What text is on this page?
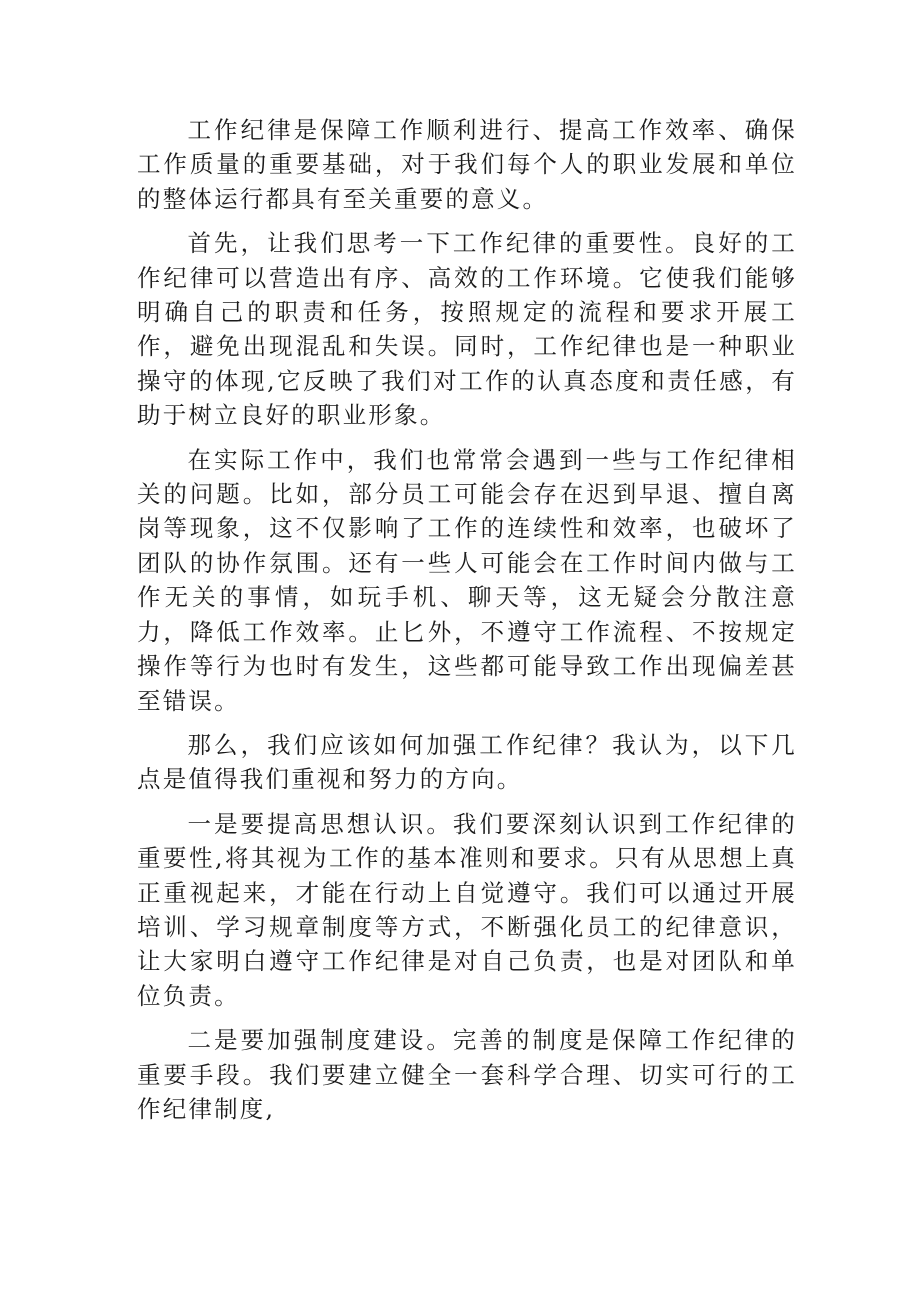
工作纪律是保障工作顺利进行、提高工作效率、确保工作质量的重要基础，对于我们每个人的职业发展和单位的整体运行都具有至关重要的意义。

首先，让我们思考一下工作纪律的重要性。良好的工作纪律可以营造出有序、高效的工作环境。它使我们能够明确自己的职责和任务，按照规定的流程和要求开展工作，避免出现混乱和失误。同时，工作纪律也是一种职业操守的体现,它反映了我们对工作的认真态度和责任感，有助于树立良好的职业形象。

在实际工作中，我们也常常会遇到一些与工作纪律相关的问题。比如，部分员工可能会存在迟到早退、擅自离岗等现象，这不仅影响了工作的连续性和效率，也破坏了团队的协作氛围。还有一些人可能会在工作时间内做与工作无关的事情，如玩手机、聊天等，这无疑会分散注意力，降低工作效率。止匕外，不遵守工作流程、不按规定操作等行为也时有发生，这些都可能导致工作出现偏差甚至错误。

那么，我们应该如何加强工作纪律？我认为，以下几点是值得我们重视和努力的方向。

一是要提高思想认识。我们要深刻认识到工作纪律的重要性,将其视为工作的基本准则和要求。只有从思想上真正重视起来，才能在行动上自觉遵守。我们可以通过开展培训、学习规章制度等方式，不断强化员工的纪律意识，让大家明白遵守工作纪律是对自己负责，也是对团队和单位负责。

二是要加强制度建设。完善的制度是保障工作纪律的重要手段。我们要建立健全一套科学合理、切实可行的工作纪律制度,
